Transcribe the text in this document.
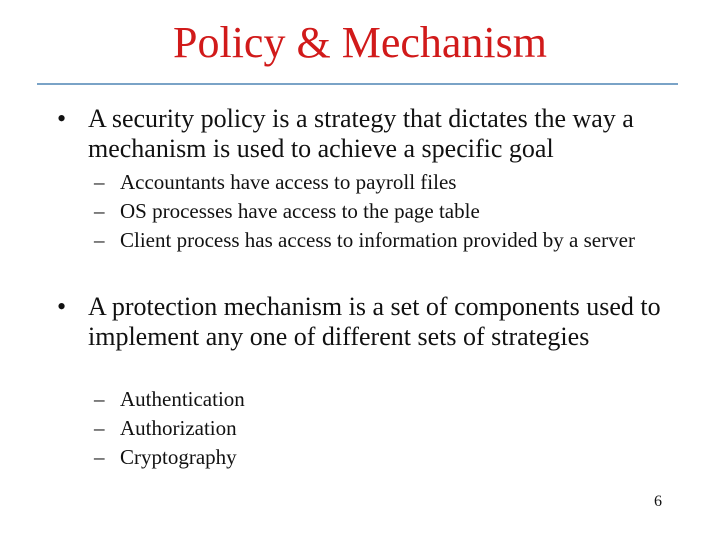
Policy & Mechanism
• A security policy is a strategy that dictates the way a mechanism is used to achieve a specific goal
– Accountants have access to payroll files
– OS processes have access to the page table
– Client process has access to information provided by a server
• A protection mechanism is a set of components used to implement any one of different sets of strategies
– Authentication
– Authorization
– Cryptography
6
